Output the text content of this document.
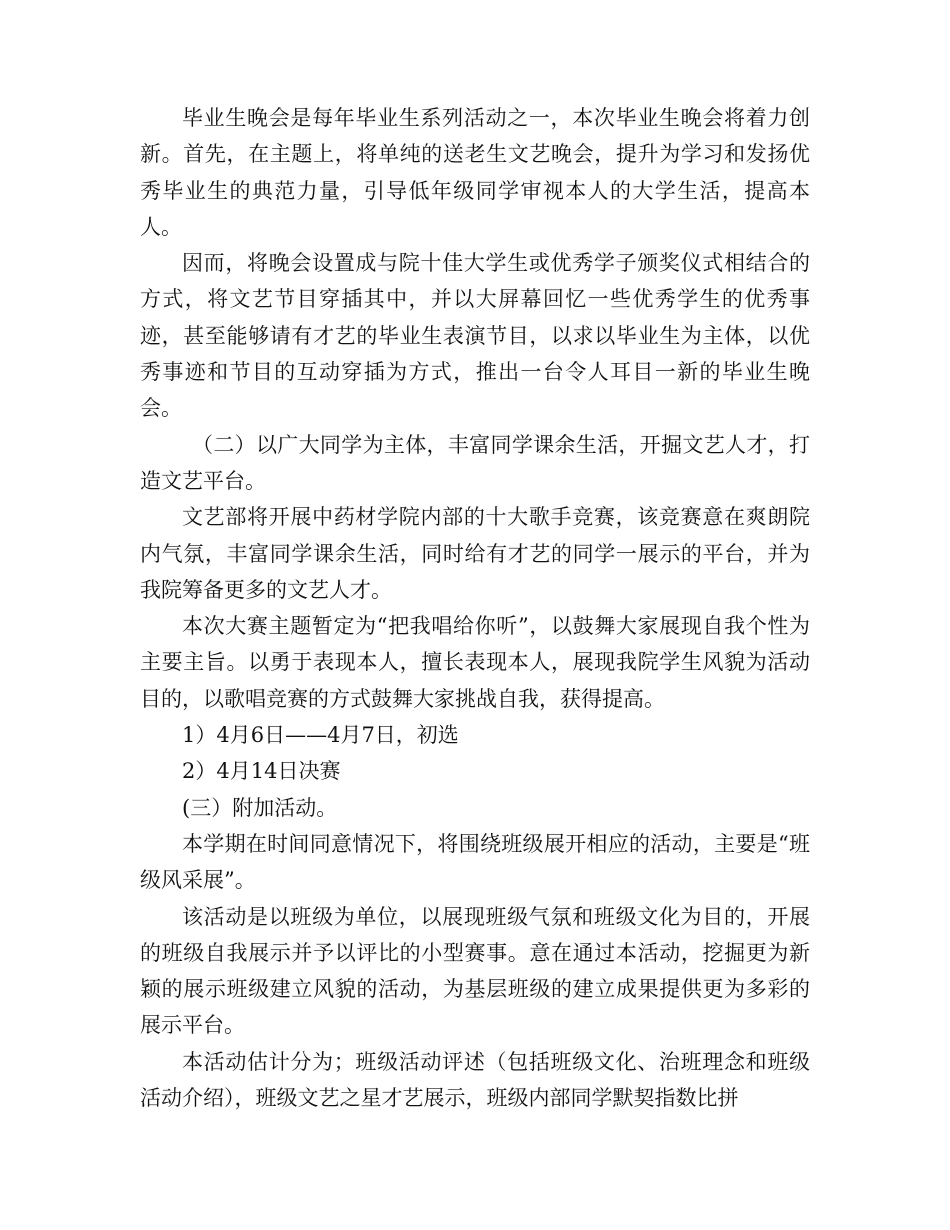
毕业生晚会是每年毕业生系列活动之一，本次毕业生晚会将着力创新。首先，在主题上，将单纯的送老生文艺晚会，提升为学习和发扬优秀毕业生的典范力量，引导低年级同学审视本人的大学生活，提高本人。

因而，将晚会设置成与院十佳大学生或优秀学子颁奖仪式相结合的方式，将文艺节目穿插其中，并以大屏幕回忆一些优秀学生的优秀事迹，甚至能够请有才艺的毕业生表演节目，以求以毕业生为主体，以优秀事迹和节目的互动穿插为方式，推出一台令人耳目一新的毕业生晚会。

（二）以广大同学为主体，丰富同学课余生活，开掘文艺人才，打造文艺平台。

文艺部将开展中药材学院内部的十大歌手竞赛，该竞赛意在爽朗院内气氛，丰富同学课余生活，同时给有才艺的同学一展示的平台，并为我院筹备更多的文艺人才。

本次大赛主题暂定为“把我唱给你听”，以鼓舞大家展现自我个性为主要主旨。以勇于表现本人，擅长表现本人，展现我院学生风貌为活动目的，以歌唱竞赛的方式鼓舞大家挑战自我，获得提高。

1）4月6日——4月7日，初选

2）4月14日决赛

(三）附加活动。

本学期在时间同意情况下，将围绕班级展开相应的活动，主要是“班级风采展”。

该活动是以班级为单位，以展现班级气氛和班级文化为目的，开展的班级自我展示并予以评比的小型赛事。意在通过本活动，挖掘更为新颖的展示班级建立风貌的活动，为基层班级的建立成果提供更为多彩的展示平台。

本活动估计分为；班级活动评述（包括班级文化、治班理念和班级活动介绍），班级文艺之星才艺展示，班级内部同学默契指数比拼
